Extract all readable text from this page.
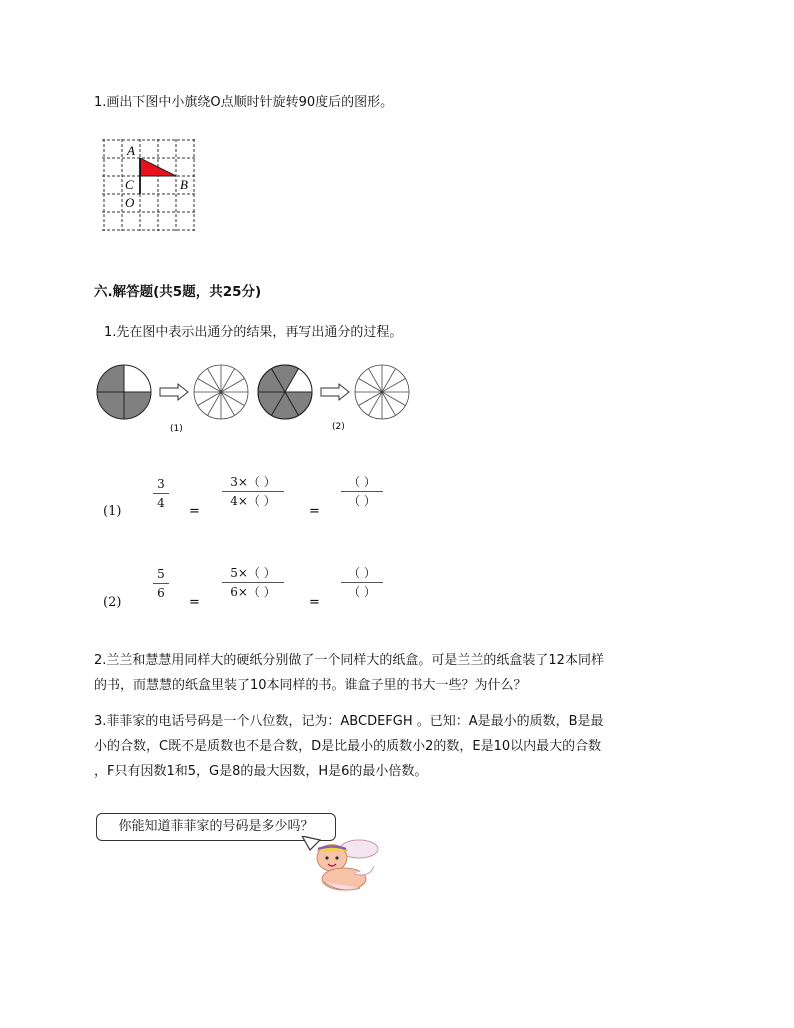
1.画出下图中小旗绕O点顺时针旋转90度后的图形。
A
B
C
O
六.解答题(共5题，共25分)
1.先在图中表示出通分的结果，再写出通分的过程。
(1)	(2)
(1)
3
4
=
3×（ ）
4×（ ）
=
（ ）
（ ）
(2)
5
6
=
5×（ ）
6×（ ）
=
（ ）
（ ）
2.兰兰和慧慧用同样大的硬纸分别做了一个同样大的纸盒。可是兰兰的纸盒装了12本同样
的书，而慧慧的纸盒里装了10本同样的书。谁盒子里的书大一些？为什么？
3.菲菲家的电话号码是一个八位数，记为：ABCDEFGH 。已知：A是最小的质数，B是最
小的合数，C既不是质数也不是合数，D是比最小的质数小2的数，E是10以内最大的合数
，F只有因数1和5，G是8的最大因数，H是6的最小倍数。
你能知道菲菲家的号码是多少吗？
